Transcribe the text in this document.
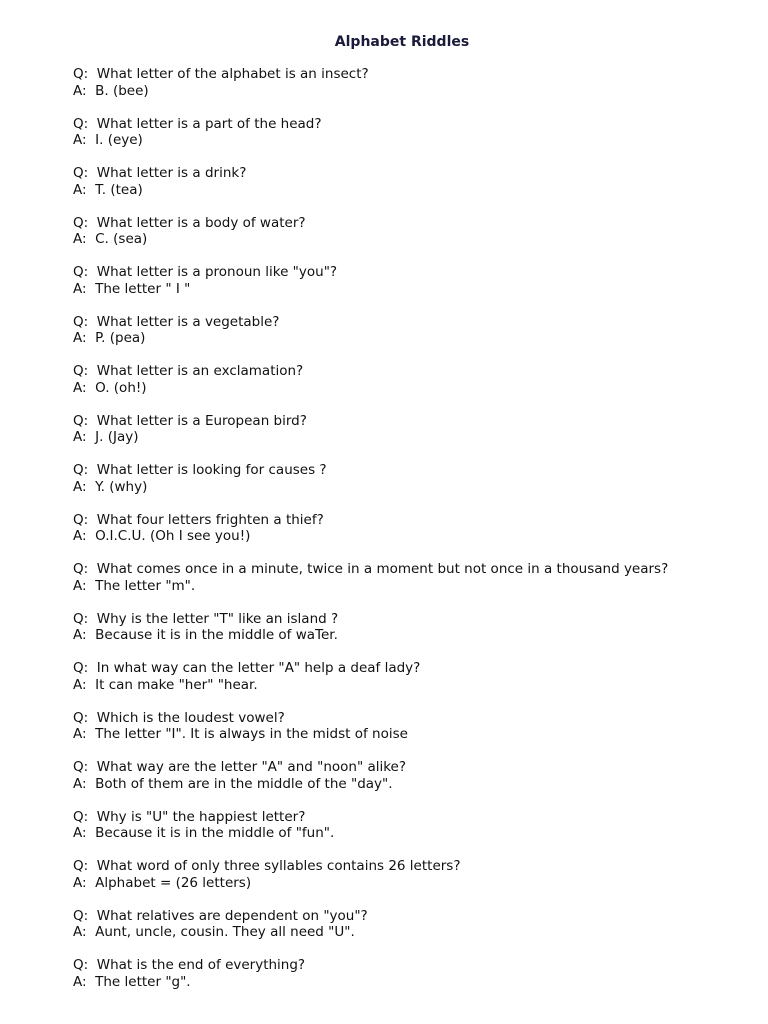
Alphabet Riddles
Q:  What letter of the alphabet is an insect?
A:  B. (bee)
Q:  What letter is a part of the head?
A:  I. (eye)
Q:  What letter is a drink?
A:  T. (tea)
Q:  What letter is a body of water?
A:  C. (sea)
Q:  What letter is a pronoun like "you"?
A:  The letter " I "
Q:  What letter is a vegetable?
A:  P. (pea)
Q:  What letter is an exclamation?
A:  O. (oh!)
Q:  What letter is a European bird?
A:  J. (Jay)
Q:  What letter is looking for causes ?
A:  Y. (why)
Q:  What four letters frighten a thief?
A:  O.I.C.U. (Oh I see you!)
Q:  What comes once in a minute, twice in a moment but not once in a thousand years?
A:  The letter "m".
Q:  Why is the letter "T" like an island ?
A:  Because it is in the middle of waTer.
Q:  In what way can the letter "A" help a deaf lady?
A:  It can make "her" "hear.
Q:  Which is the loudest vowel?
A:  The letter "I". It is always in the midst of noise
Q:  What way are the letter "A" and "noon" alike?
A:  Both of them are in the middle of the "day".
Q:  Why is "U" the happiest letter?
A:  Because it is in the middle of "fun".
Q:  What word of only three syllables contains 26 letters?
A:  Alphabet = (26 letters)
Q:  What relatives are dependent on "you"?
A:  Aunt, uncle, cousin. They all need "U".
Q:  What is the end of everything?
A:  The letter "g".
